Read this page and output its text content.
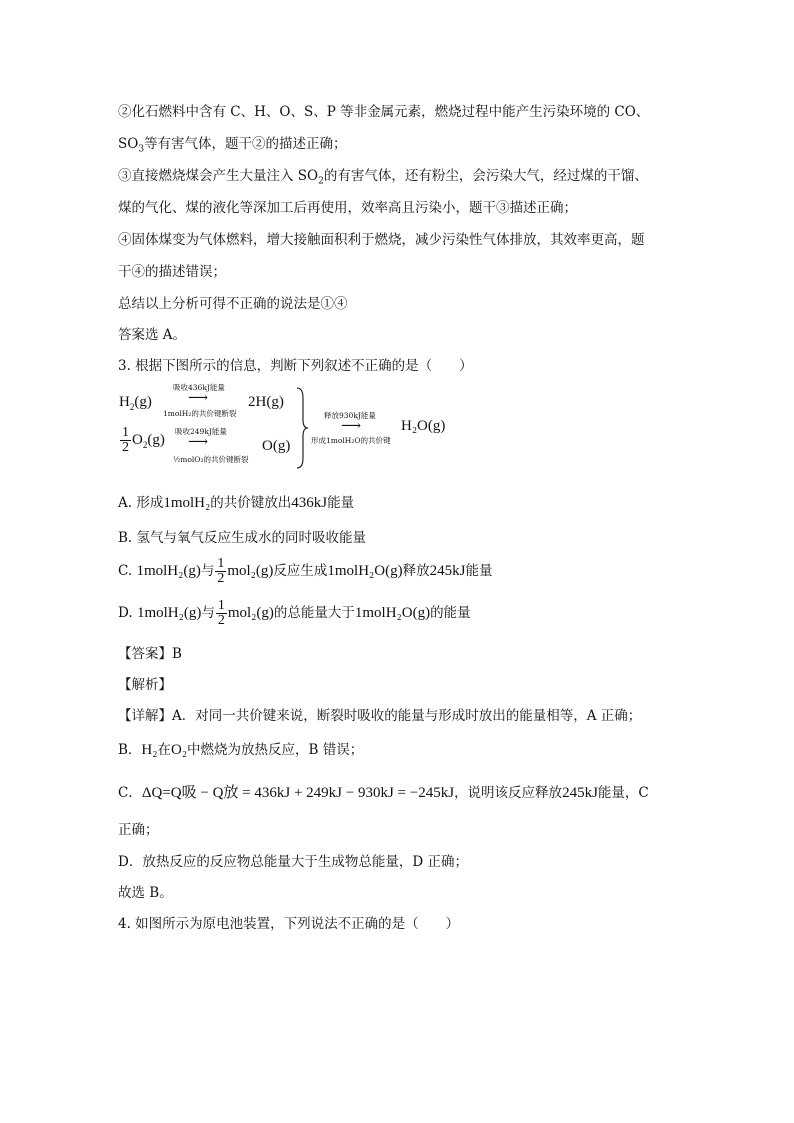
②化石燃料中含有 C、H、O、S、P 等非金属元素，燃烧过程中能产生污染环境的 CO、
$SO_3$等有害气体，题干②的描述正确；
③直接燃烧煤会产生大量注入 $SO_2$的有害气体，还有粉尘，会污染大气，经过煤的干馏、
煤的气化、煤的液化等深加工后再使用，效率高且污染小，题干③描述正确；
④固体煤变为气体燃料，增大接触面积利于燃烧，减少污染性气体排放，其效率更高，题
干④的描述错误；
总结以上分析可得不正确的说法是①④
答案选 A。
3. 根据下图所示的信息，判断下列叙述不正确的是（　　）
$H_2(g)$
吸收436kJ能量
⟶
1molH₂的共价键断裂
2H(g)
$\frac{1}{2} O_2(g)$
吸收249kJ能量
⟶
½molO₂的共价键断裂
O(g)
释放930kJ能量
⟶
形成1molH₂O的共价键
H₂O(g)
A. 形成1molH₂的共价键放出436kJ能量
B. 氢气与氧气反应生成水的同时吸收能量
C. 1molH₂(g)与 $\frac{1}{2} mol_2(g)$反应生成1molH₂O(g)释放245kJ能量
D. 1molH₂(g)与 $\frac{1}{2} mol_2(g)$的总能量大于1molH₂O(g)的能量
【答案】B
【解析】
【详解】A．对同一共价键来说，断裂时吸收的能量与形成时放出的能量相等，A 正确；
B．H₂在O₂中燃烧为放热反应，B 错误；
C．ΔQ=Q吸 − Q放 = 436kJ + 249kJ − 930kJ = −245kJ，说明该反应释放245kJ能量，C
正确；
D．放热反应的反应物总能量大于生成物总能量，D 正确；
故选 B。
4. 如图所示为原电池装置，下列说法不正确的是（　　）
